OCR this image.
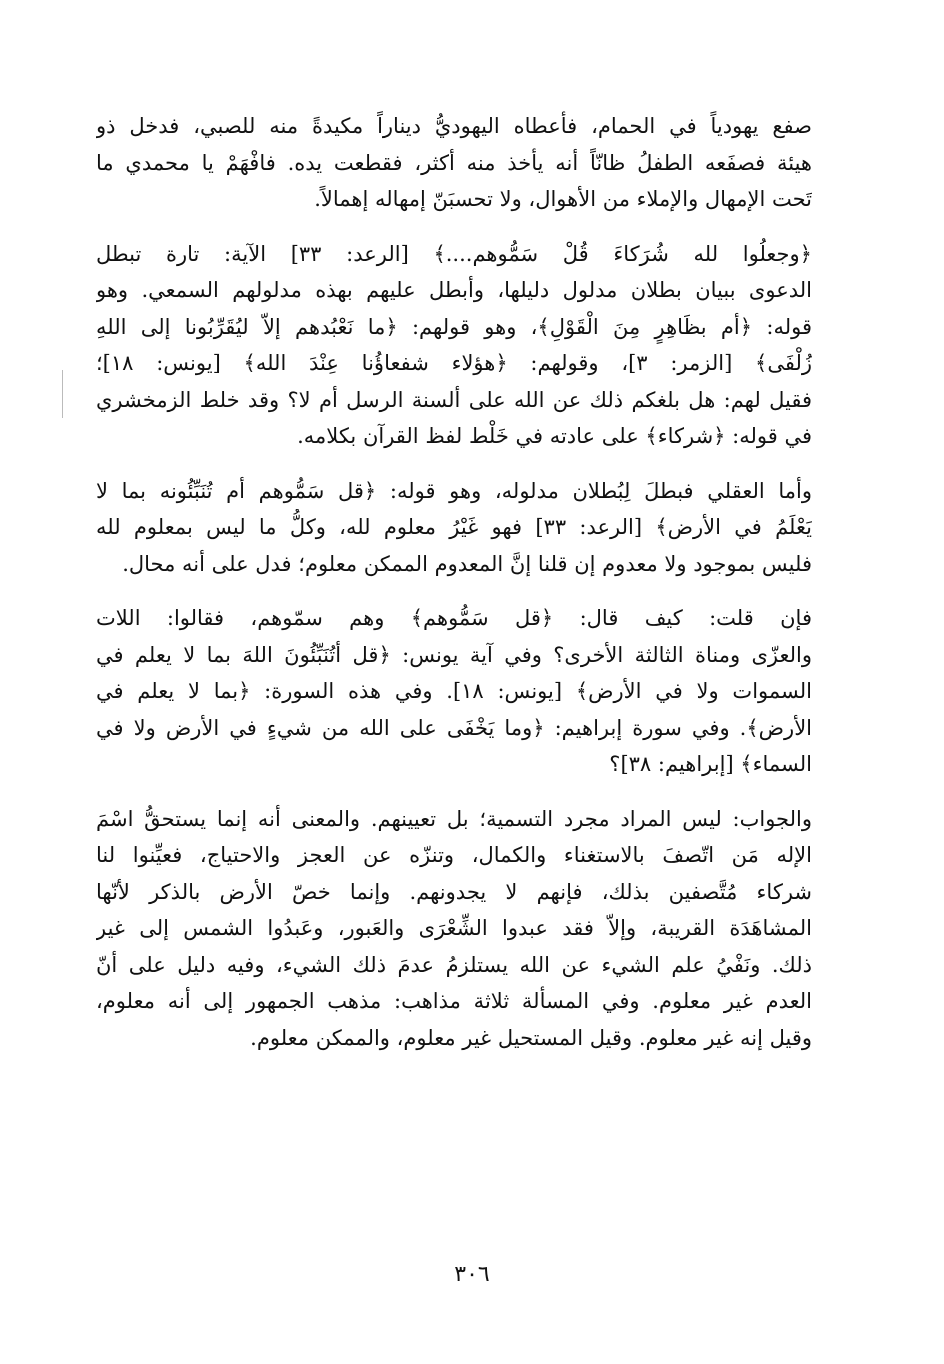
صفع يهودياً في الحمام، فأعطاه اليهوديُّ ديناراً مكيدةً منه للصبي، فدخل ذو
هيئة فصفَعه الطفلُ ظانّاً أنه يأخذ منه أكثر، فقطعت يده. فافْهَمْ يا محمدي ما
تَحت الإمهال والإملاء من الأهوال، ولا تحسبَنّ إمهاله إهمالاً.

﴿وجعلُوا لله شُرَكاءَ قُلْ سَمُّوهم....﴾ [الرعد: ٣٣] الآية: تارة تبطل
الدعوى ببيان بطلان مدلول دليلها، وأبطل عليهم بهذه مدلولهم السمعي. وهو
قوله: ﴿أم بظَاهِرٍ مِنَ الْقَوْلِ﴾، وهو قولهم: ﴿ما نَعْبُدهم إلاّ ليُقَرِّبُونا إلى اللهِ
زُلْفَى﴾ [الزمر: ٣]، وقولهم: ﴿هؤلاء شفعاؤُنا عِنْدَ الله﴾ [يونس: ١٨]؛
فقيل لهم: هل بلغكم ذلك عن الله على ألسنة الرسل أم لا؟ وقد خلط الزمخشري
في قوله: ﴿شركاء﴾ على عادته في خَلْط لفظ القرآن بكلامه.

وأما العقلي فبطلَ لِبُطلان مدلوله، وهو قوله: ﴿قل سَمُّوهم أم تُنَبِّئُونه بما لا
يَعْلَمُ في الأرض﴾ [الرعد: ٣٣] فهو غَيْرُ معلوم لله، وكلُّ ما ليس بمعلوم لله
فليس بموجود ولا معدوم إن قلنا إنَّ المعدوم الممكن معلوم؛ فدل على أنه محال.

فإن قلت: كيف قال: ﴿قل سَمُّوهم﴾ وهم سمّوهم، فقالوا: اللات
والعزّى ومناة الثالثة الأخرى؟ وفي آية يونس: ﴿قل أتُنَبِّئُونَ اللهَ بما لا يعلم في
السموات ولا في الأرض﴾ [يونس: ١٨]. وفي هذه السورة: ﴿بما لا يعلم في
الأرض﴾. وفي سورة إبراهيم: ﴿وما يَخْفَى على الله من شيءٍ في الأرض ولا في
السماء﴾ [إبراهيم: ٣٨]؟

والجواب: ليس المراد مجرد التسمية؛ بل تعيينهم. والمعنى أنه إنما يستحقُّ اسْمَ
الإله مَن اتّصفَ بالاستغناء والكمال، وتنزّه عن العجز والاحتياج، فعيِّنوا لنا
شركاء مُتَّصفين بذلك، فإنهم لا يجدونهم. وإنما خصّ الأرض بالذكر لأنّها
المشاهَدَة القريبة، وإلاّ فقد عبدوا الشِّعْرَى والعَبور، وعَبدُوا الشمس إلى غير
ذلك. ونَفْيُ علم الشيء عن الله يستلزمُ عدمَ ذلك الشيء، وفيه دليل على أنّ
العدم غير معلوم. وفي المسألة ثلاثة مذاهب: مذهب الجمهور إلى أنه معلوم،
وقيل إنه غير معلوم. وقيل المستحيل غير معلوم، والممكن معلوم.

٣٠٦
